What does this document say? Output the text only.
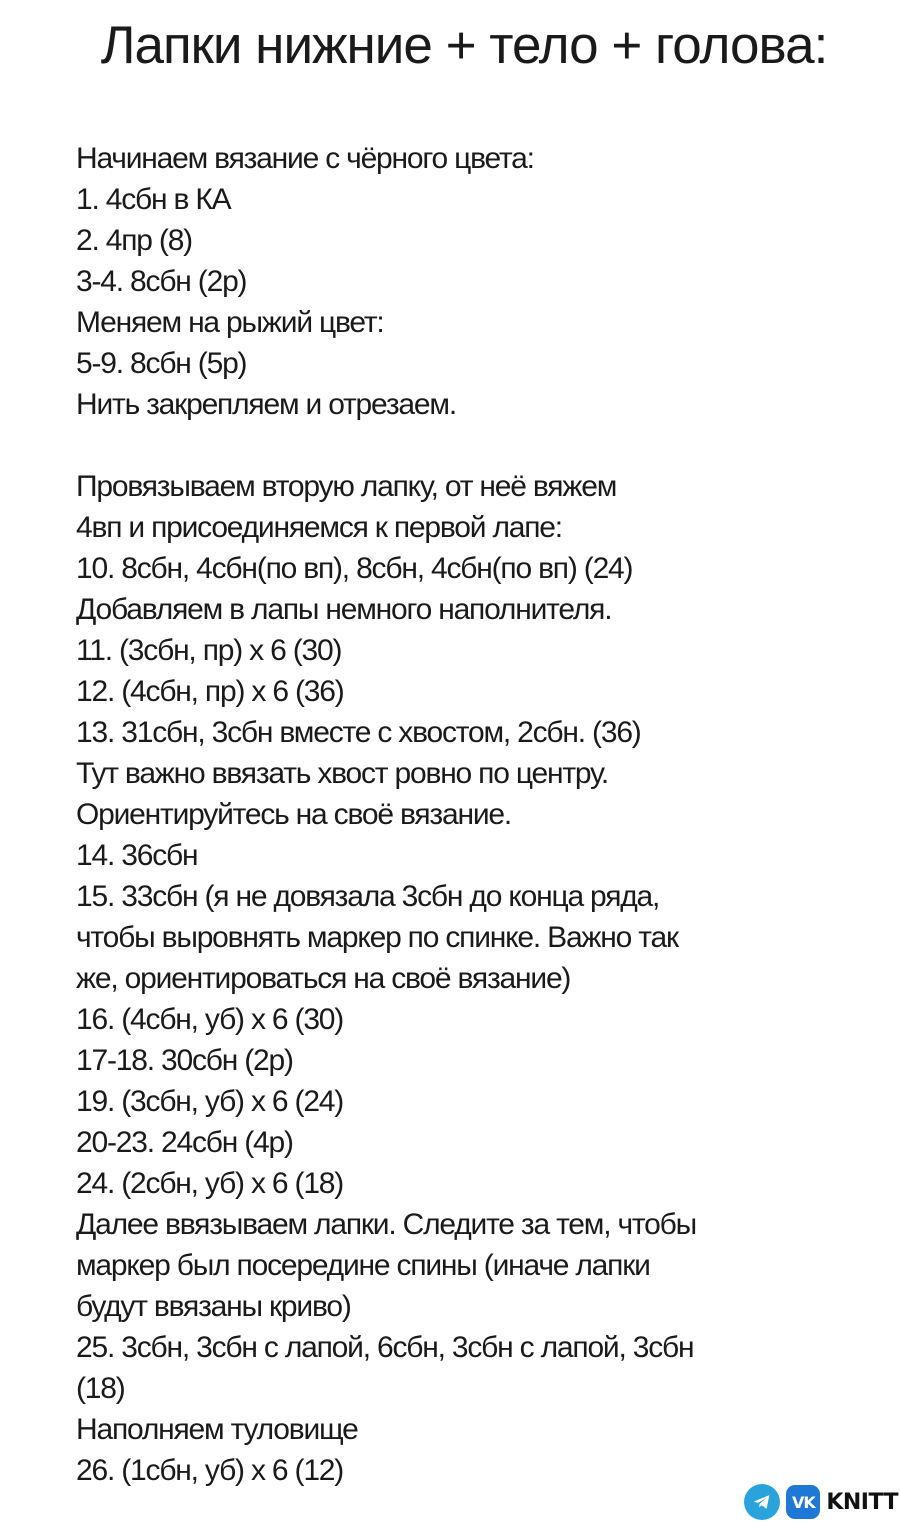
Лапки нижние + тело + голова:
Начинаем вязание с чёрного цвета:
1. 4сбн в КА
2. 4пр (8)
3-4. 8сбн (2р)
Меняем на рыжий цвет:
5-9. 8сбн (5р)
Нить закрепляем и отрезаем.
Провязываем вторую лапку, от неё вяжем
4вп и присоединяемся к первой лапе:
10. 8сбн, 4сбн(по вп), 8сбн, 4сбн(по вп) (24)
Добавляем в лапы немного наполнителя.
11. (3сбн, пр) х 6 (30)
12. (4сбн, пр) х 6 (36)
13. 31сбн, 3сбн вместе с хвостом, 2сбн. (36)
Тут важно ввязать хвост ровно по центру.
Ориентируйтесь на своё вязание.
14. 36сбн
15. 33сбн (я не довязала 3сбн до конца ряда,
чтобы выровнять маркер по спинке. Важно так
же, ориентироваться на своё вязание)
16. (4сбн, уб) х 6 (30)
17-18. 30сбн (2р)
19. (3сбн, уб) х 6 (24)
20-23. 24сбн (4р)
24. (2сбн, уб) х 6 (18)
Далее ввязываем лапки. Следите за тем, чтобы
маркер был посередине спины (иначе лапки
будут ввязаны криво)
25. 3сбн, 3сбн с лапой, 6сбн, 3сбн с лапой, 3сбн
(18)
Наполняем туловище
26. (1сбн, уб) х 6 (12)
VK KNITT
